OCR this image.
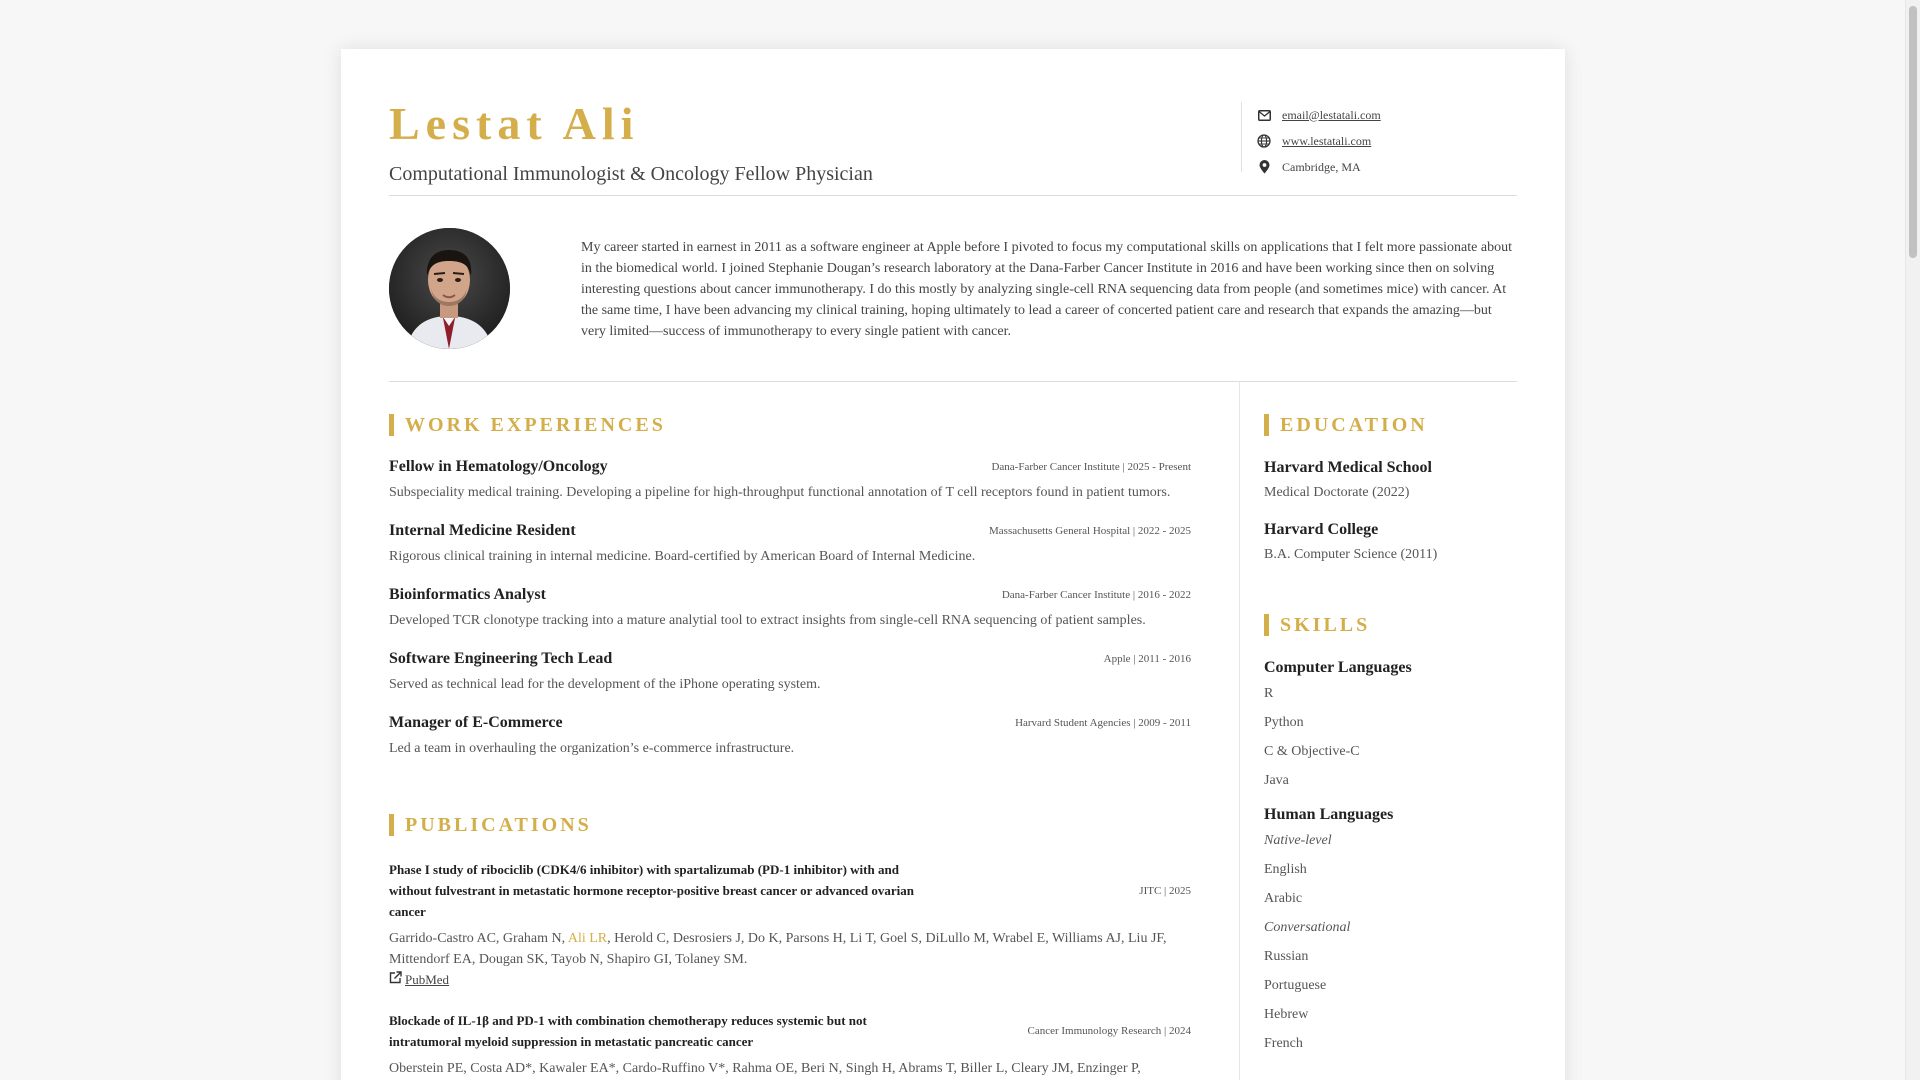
Lestat Ali
Computational Immunologist & Oncology Fellow Physician
email@lestatali.com
www.lestatali.com
Cambridge, MA
My career started in earnest in 2011 as a software engineer at Apple before I pivoted to focus my computational skills on applications that I felt more passionate about in the biomedical world. I joined Stephanie Dougan’s research laboratory at the Dana-Farber Cancer Institute in 2016 and have been working since then on solving interesting questions about cancer immunotherapy. I do this mostly by analyzing single-cell RNA sequencing data from people (and sometimes mice) with cancer. At the same time, I have been advancing my clinical training, hoping ultimately to lead a career of concerted patient care and research that expands the amazing—but very limited—success of immunotherapy to every single patient with cancer.
WORK EXPERIENCES
Fellow in Hematology/Oncology	Dana-Farber Cancer Institute | 2025 - Present
Subspeciality medical training. Developing a pipeline for high-throughput functional annotation of T cell receptors found in patient tumors.
Internal Medicine Resident	Massachusetts General Hospital | 2022 - 2025
Rigorous clinical training in internal medicine. Board-certified by American Board of Internal Medicine.
Bioinformatics Analyst	Dana-Farber Cancer Institute | 2016 - 2022
Developed TCR clonotype tracking into a mature analytial tool to extract insights from single-cell RNA sequencing of patient samples.
Software Engineering Tech Lead	Apple | 2011 - 2016
Served as technical lead for the development of the iPhone operating system.
Manager of E-Commerce	Harvard Student Agencies | 2009 - 2011
Led a team in overhauling the organization’s e-commerce infrastructure.
PUBLICATIONS
Phase I study of ribociclib (CDK4/6 inhibitor) with spartalizumab (PD-1 inhibitor) with and without fulvestrant in metastatic hormone receptor-positive breast cancer or advanced ovarian cancer
JITC | 2025
Garrido-Castro AC, Graham N, Ali LR, Herold C, Desrosiers J, Do K, Parsons H, Li T, Goel S, DiLullo M, Wrabel E, Williams AJ, Liu JF, Mittendorf EA, Dougan SK, Tayob N, Shapiro GI, Tolaney SM.
PubMed
Blockade of IL-1β and PD-1 with combination chemotherapy reduces systemic but not intratumoral myeloid suppression in metastatic pancreatic cancer
Cancer Immunology Research | 2024
Oberstein PE, Costa AD*, Kawaler EA*, Cardo-Ruffino V*, Rahma OE, Beri N, Singh H, Abrams T, Biller L, Cleary JM, Enzinger P,
EDUCATION
Harvard Medical School
Medical Doctorate (2022)
Harvard College
B.A. Computer Science (2011)
SKILLS
Computer Languages
R
Python
C & Objective-C
Java
Human Languages
Native-level
English
Arabic
Conversational
Russian
Portuguese
Hebrew
French
